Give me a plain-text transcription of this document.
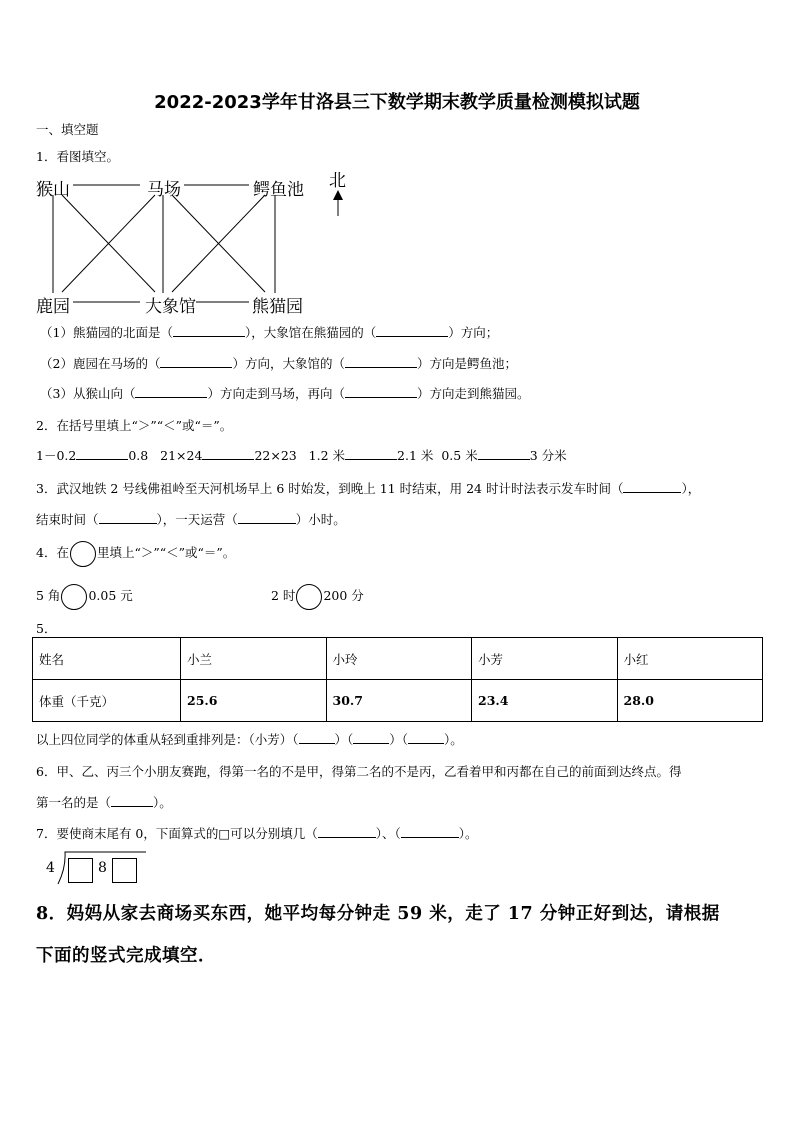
2022-2023学年甘洛县三下数学期末教学质量检测模拟试题
一、填空题
1．看图填空。
猴山	马场	鳄鱼池
鹿园	大象馆	熊猫园
北
（1）熊猫园的北面是（	），大象馆在熊猫园的（	）方向；
（2）鹿园在马场的（	）方向，大象馆的（	）方向是鳄鱼池；
（3）从猴山向（	）方向走到马场，再向（	）方向走到熊猫园。
2．在括号里填上“＞”“＜”或“＝”。
1－0.2	0.8 21×24	22×23 1.2 米	2.1 米 0.5 米	3 分米
3．武汉地铁 2 号线佛祖岭至天河机场早上 6 时始发，到晚上 11 时结束，用 24 时计时法表示发车时间（	），
结束时间（	），一天运营（	）小时。
4．在 里填上“＞”“＜”或“＝”。
5 角 0.05 元	2 时 200 分
5．
姓名	小兰	小玲	小芳	小红
体重（千克）	25.6	30.7	23.4	28.0
以上四位同学的体重从轻到重排列是：（小芳）（	）（	）（	）。
6．甲、乙、丙三个小朋友赛跑，得第一名的不是甲，得第二名的不是丙，乙看着甲和丙都在自己的前面到达终点。得
第一名的是（	）。
7．要使商末尾有 0，下面算式的□可以分别填几（	）、（	）。
4	8
8．妈妈从家去商场买东西，她平均每分钟走 59 米，走了 17 分钟正好到达，请根据
下面的竖式完成填空．
